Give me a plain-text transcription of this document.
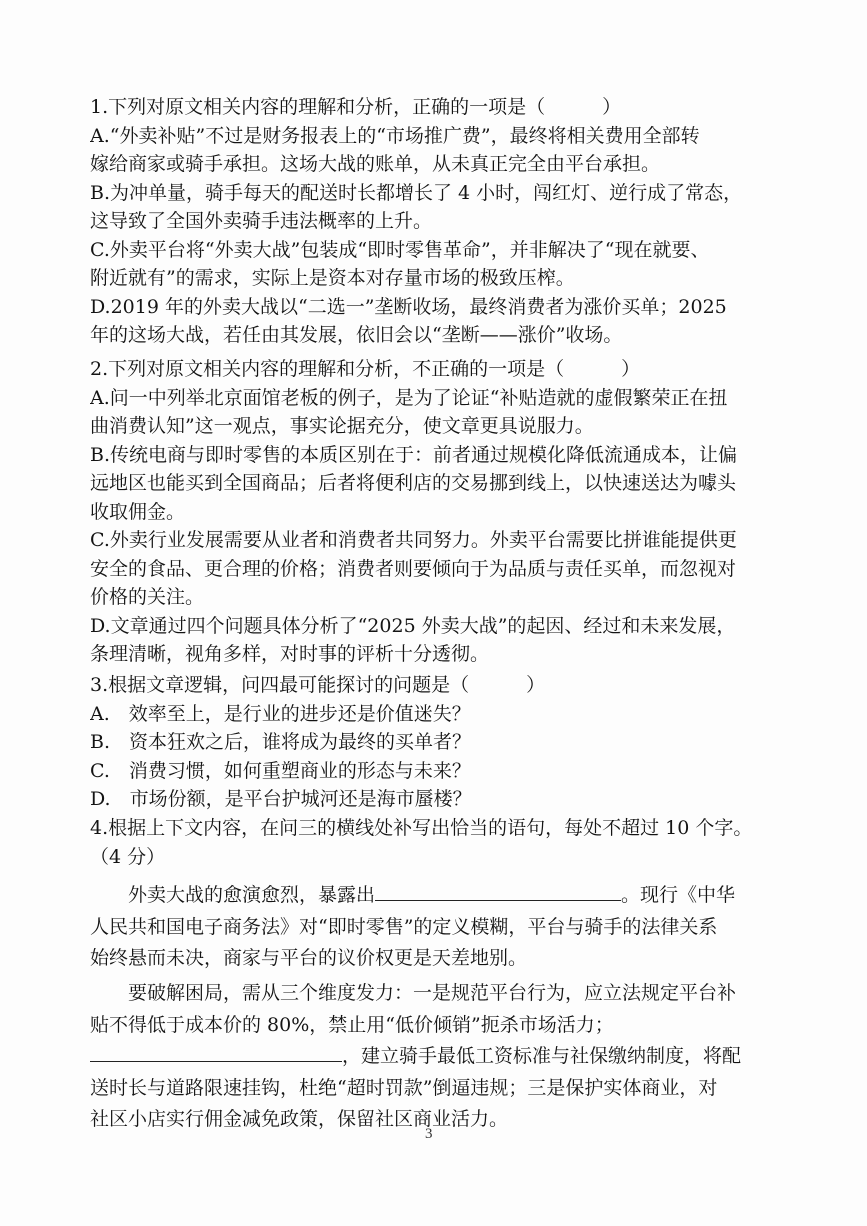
1.下列对原文相关内容的理解和分析，正确的一项是（　　　）
A.“外卖补贴”不过是财务报表上的“市场推广费”，最终将相关费用全部转
嫁给商家或骑手承担。这场大战的账单，从未真正完全由平台承担。
B.为冲单量，骑手每天的配送时长都增长了 4 小时，闯红灯、逆行成了常态，
这导致了全国外卖骑手违法概率的上升。
C.外卖平台将“外卖大战”包装成“即时零售革命”，并非解决了“现在就要、
附近就有”的需求，实际上是资本对存量市场的极致压榨。
D.2019 年的外卖大战以“二选一”垄断收场，最终消费者为涨价买单；2025
年的这场大战，若任由其发展，依旧会以“垄断——涨价”收场。
2.下列对原文相关内容的理解和分析，不正确的一项是（　　　）
A.问一中列举北京面馆老板的例子，是为了论证“补贴造就的虚假繁荣正在扭
曲消费认知”这一观点，事实论据充分，使文章更具说服力。
B.传统电商与即时零售的本质区别在于：前者通过规模化降低流通成本，让偏
远地区也能买到全国商品；后者将便利店的交易挪到线上，以快速送达为噱头
收取佣金。
C.外卖行业发展需要从业者和消费者共同努力。外卖平台需要比拼谁能提供更
安全的食品、更合理的价格；消费者则要倾向于为品质与责任买单，而忽视对
价格的关注。
D.文章通过四个问题具体分析了“2025 外卖大战”的起因、经过和未来发展，
条理清晰，视角多样，对时事的评析十分透彻。
3.根据文章逻辑，问四最可能探讨的问题是（　　　）
A.　效率至上，是行业的进步还是价值迷失？
B.　资本狂欢之后，谁将成为最终的买单者？
C.　消费习惯，如何重塑商业的形态与未来？
D.　市场份额，是平台护城河还是海市蜃楼？
4.根据上下文内容，在问三的横线处补写出恰当的语句，每处不超过 10 个字。
（4 分）
　　外卖大战的愈演愈烈，暴露出	。现行《中华
人民共和国电子商务法》对“即时零售”的定义模糊，平台与骑手的法律关系
始终悬而未决，商家与平台的议价权更是天差地别。
　　要破解困局，需从三个维度发力：一是规范平台行为，应立法规定平台补
贴不得低于成本价的 80%，禁止用“低价倾销”扼杀市场活力；
，建立骑手最低工资标准与社保缴纳制度，将配
送时长与道路限速挂钩，杜绝“超时罚款”倒逼违规；三是保护实体商业，对
社区小店实行佣金减免政策，保留社区商业活力。
3
